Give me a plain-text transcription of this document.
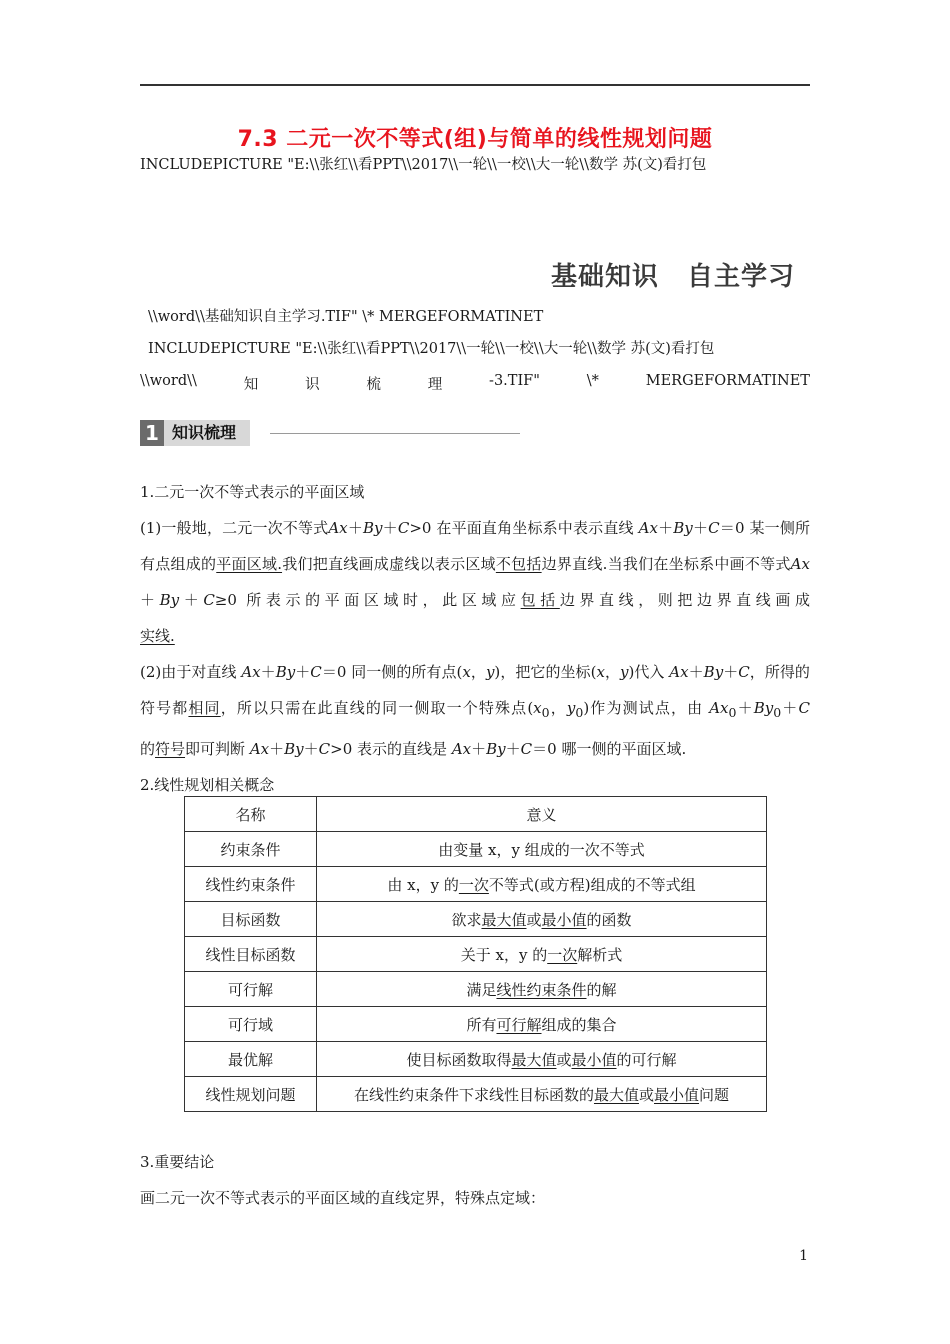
7.3 二元一次不等式(组)与简单的线性规划问题
INCLUDEPICTURE "E:\\张红\\看PPT\\2017\\一轮\\一校\\大一轮\\数学 苏(文)看打包
基础知识 自主学习
\\word\\基础知识自主学习.TIF" \* MERGEFORMATINET
INCLUDEPICTURE "E:\\张红\\看PPT\\2017\\一轮\\一校\\大一轮\\数学 苏(文)看打包
\\word\\	知	识	梳	理	-3.TIF"	\*	MERGEFORMATINET
1 知识梳理

1.二元一次不等式表示的平面区域

(1)一般地，二元一次不等式Ax＋By＋C>0 在平面直角坐标系中表示直线 Ax＋By＋C＝0 某一侧所有点组成的平面区域.我们把直线画成虚线以表示区域不包括边界直线.当我们在坐标系中画不等式Ax＋By＋C≥0 所表示的平面区域时，此区域应包括边界直线，则把边界直线画成

实线.

(2)由于对直线 Ax＋By＋C＝0 同一侧的所有点(x，y)，把它的坐标(x，y)代入 Ax＋By＋C，所得的符号都相同，所以只需在此直线的同一侧取一个特殊点($x_0$，$y_0$)作为测试点，由 $Ax_0+By_0+C$

的符号即可判断 Ax＋By＋C>0 表示的直线是 Ax＋By＋C＝0 哪一侧的平面区域.

2.线性规划相关概念

名称	意义
约束条件	由变量 x，y 组成的一次不等式
线性约束条件	由 x，y 的一次不等式(或方程)组成的不等式组
目标函数	欲求最大值或最小值的函数
线性目标函数	关于 x，y 的一次解析式
可行解	满足线性约束条件的解
可行域	所有可行解组成的集合
最优解	使目标函数取得最大值或最小值的可行解
线性规划问题	在线性约束条件下求线性目标函数的最大值或最小值问题

3.重要结论

画二元一次不等式表示的平面区域的直线定界，特殊点定域：

1
